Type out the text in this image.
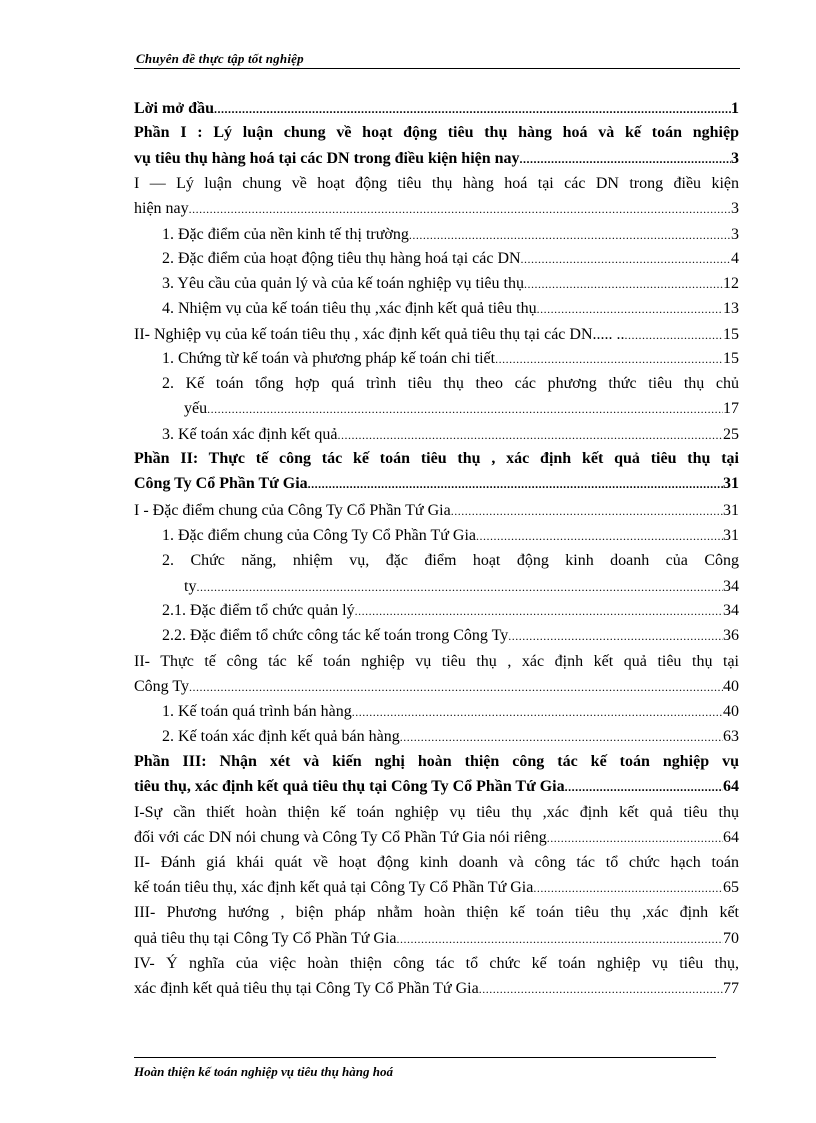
Chuyên đề thực tập tốt nghiệp
Lời mở đầu .....	1
Phần I : Lý luận chung về hoạt động tiêu thụ hàng hoá và kế toán nghiệp
vụ tiêu thụ hàng hoá tại các DN trong điều kiện hiện nay .....	3
I — Lý luận chung về hoạt động tiêu thụ hàng hoá tại các DN trong điều kiện
hiện nay .....	3
1. Đặc điểm của nền kinh tế thị trường .....	3
2. Đặc điểm của hoạt động tiêu thụ hàng hoá tại các DN .....	4
3. Yêu cầu của quản lý và của kế toán nghiệp vụ tiêu thụ .....	12
4. Nhiệm vụ của kế toán tiêu thụ ,xác định kết quả tiêu thụ .....	13
II- Nghiệp vụ của kế toán tiêu thụ , xác định kết quả tiêu thụ tại các DN..... .. .....	15
1. Chứng từ kế toán và phương pháp kế toán chi tiết .....	15
2. Kế toán tổng hợp quá trình tiêu thụ theo các phương thức tiêu thụ chủ
yếu .....	17
3. Kế toán xác định kết quả .....	25
Phần II: Thực tế công tác kế toán tiêu thụ , xác định kết quả tiêu thụ tại
Công Ty Cổ Phần Tứ Gia .....	31
I - Đặc điểm chung của Công Ty Cổ Phần Tứ Gia .....	31
1. Đặc điểm chung của Công Ty Cổ Phần Tứ Gia .....	31
2. Chức năng, nhiệm vụ, đặc điểm hoạt động kinh doanh của Công
ty .....	34
2.1. Đặc điểm tổ chức quản lý .....	34
2.2. Đặc điểm tổ chức công tác kế toán trong Công Ty .....	36
II- Thực tế công tác kế toán nghiệp vụ tiêu thụ , xác định kết quả tiêu thụ tại
Công Ty .....	40
1. Kế toán quá trình bán hàng .....	40
2. Kế toán xác định kết quả bán hàng .....	63
Phần III: Nhận xét và kiến nghị hoàn thiện công tác kế toán nghiệp vụ
tiêu thụ, xác định kết quả tiêu thụ tại Công Ty Cổ Phần Tứ Gia .....	64
I-Sự cần thiết hoàn thiện kế toán nghiệp vụ tiêu thụ ,xác định kết quả tiêu thụ
đối với các DN nói chung và Công Ty Cổ Phần Tứ Gia nói riêng .....	64
II- Đánh giá khái quát về hoạt động kinh doanh và công tác tổ chức hạch toán
kế toán tiêu thụ, xác định kết quả tại Công Ty Cổ Phần Tứ Gia .....	65
III- Phương hướng , biện pháp nhằm hoàn thiện kế toán tiêu thụ ,xác định kết
quả tiêu thụ tại Công Ty Cổ Phần Tứ Gia .....	70
IV- Ý nghĩa của việc hoàn thiện công tác tổ chức kế toán nghiệp vụ tiêu thụ,
xác định kết quả tiêu thụ tại Công Ty Cổ Phần Tứ Gia .....	77
Hoàn thiện kế toán nghiệp vụ tiêu thụ hàng hoá
